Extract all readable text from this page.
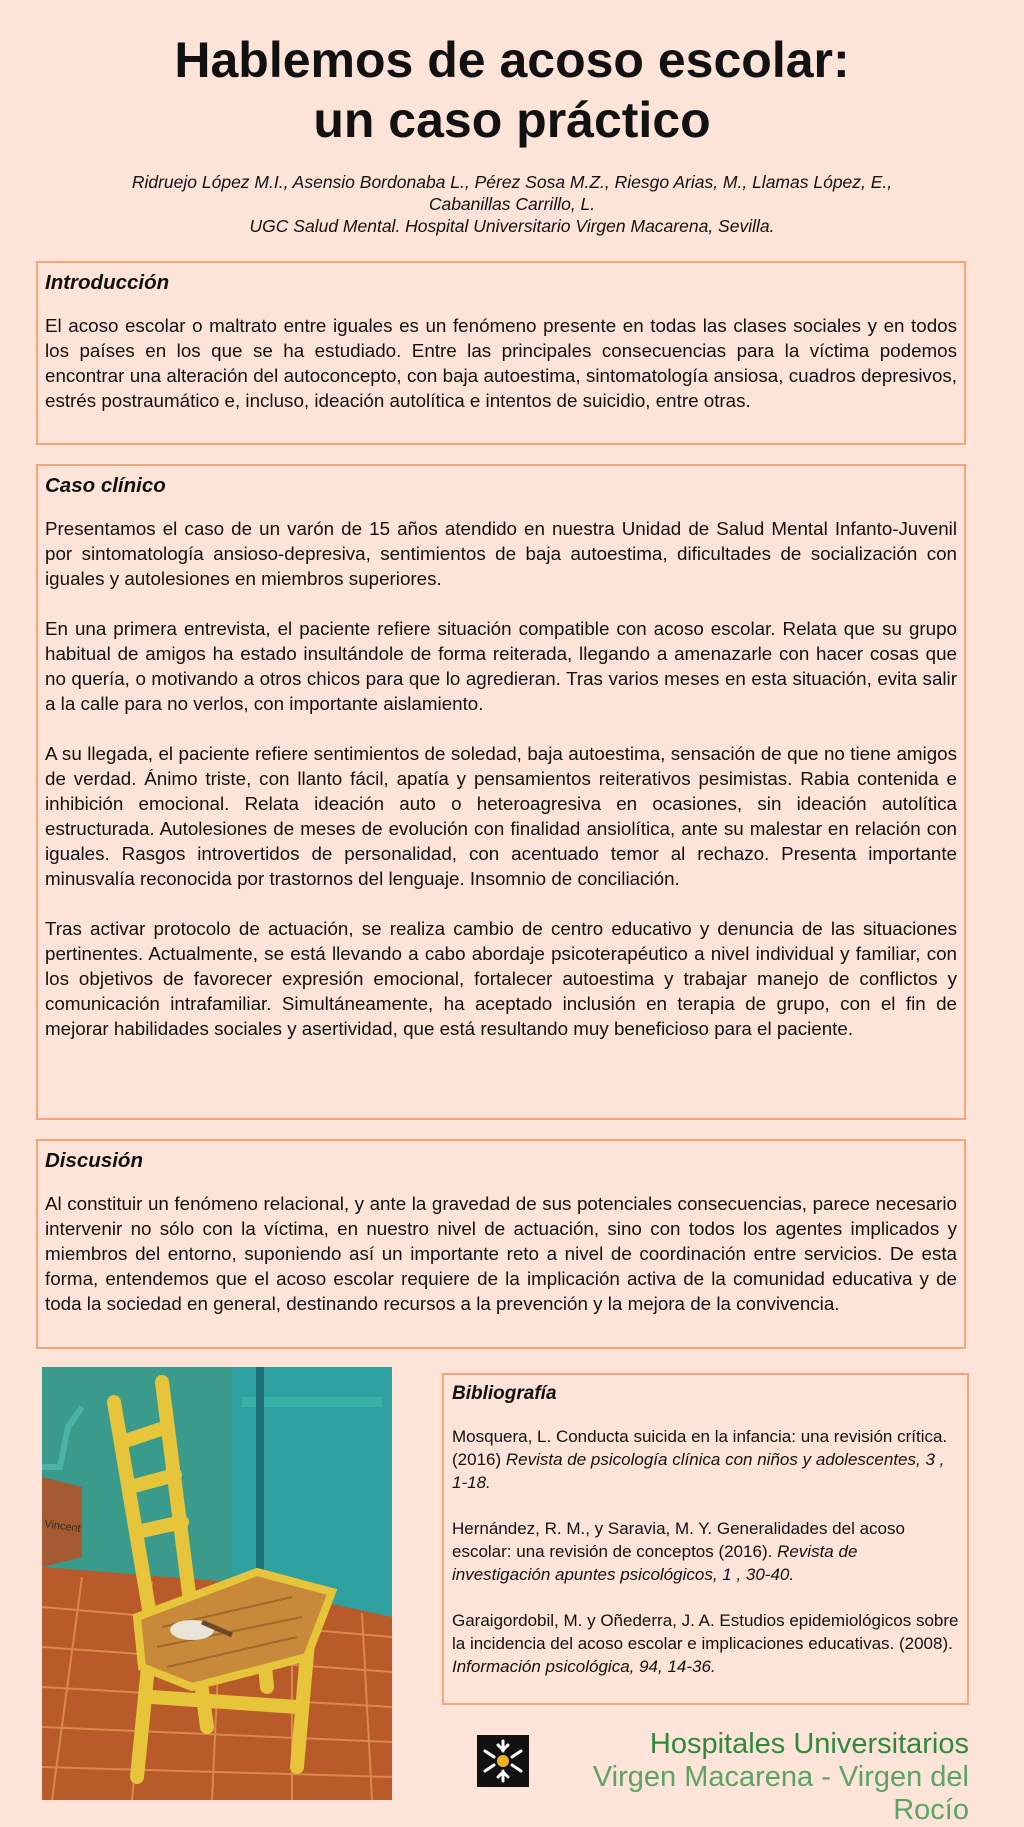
Hablemos de acoso escolar:
un caso práctico
Ridruejo López M.I., Asensio Bordonaba L., Pérez Sosa M.Z., Riesgo Arias, M., Llamas López, E.,
Cabanillas Carrillo, L.
UGC Salud Mental. Hospital Universitario Virgen Macarena, Sevilla.
Introducción

El acoso escolar o maltrato entre iguales es un fenómeno presente en todas las clases sociales y en todos los países en los que se ha estudiado. Entre las principales consecuencias para la víctima podemos encontrar una alteración del autoconcepto, con baja autoestima, sintomatología ansiosa, cuadros depresivos, estrés postraumático e, incluso, ideación autolítica e intentos de suicidio, entre otras.

Caso clínico

Presentamos el caso de un varón de 15 años atendido en nuestra Unidad de Salud Mental Infanto-Juvenil por sintomatología ansioso-depresiva, sentimientos de baja autoestima, dificultades de socialización con iguales y autolesiones en miembros superiores.

En una primera entrevista, el paciente refiere situación compatible con acoso escolar. Relata que su grupo habitual de amigos ha estado insultándole de forma reiterada, llegando a amenazarle con hacer cosas que no quería, o motivando a otros chicos para que lo agredieran. Tras varios meses en esta situación, evita salir a la calle para no verlos, con importante aislamiento.

A su llegada, el paciente refiere sentimientos de soledad, baja autoestima, sensación de que no tiene amigos de verdad. Ánimo triste, con llanto fácil, apatía y pensamientos reiterativos pesimistas. Rabia contenida e inhibición emocional. Relata ideación auto o heteroagresiva en ocasiones, sin ideación autolítica estructurada. Autolesiones de meses de evolución con finalidad ansiolítica, ante su malestar en relación con iguales. Rasgos introvertidos de personalidad, con acentuado temor al rechazo. Presenta importante minusvalía reconocida por trastornos del lenguaje. Insomnio de conciliación.

Tras activar protocolo de actuación, se realiza cambio de centro educativo y denuncia de las situaciones pertinentes. Actualmente, se está llevando a cabo abordaje psicoterapéutico a nivel individual y familiar, con los objetivos de favorecer expresión emocional, fortalecer autoestima y trabajar manejo de conflictos y comunicación intrafamiliar. Simultáneamente, ha aceptado inclusión en terapia de grupo, con el fin de mejorar habilidades sociales y asertividad, que está resultando muy beneficioso para el paciente.

Discusión

Al constituir un fenómeno relacional, y ante la gravedad de sus potenciales consecuencias, parece necesario intervenir no sólo con la víctima, en nuestro nivel de actuación, sino con todos los agentes implicados y miembros del entorno, suponiendo así un importante reto a nivel de coordinación entre servicios. De esta forma, entendemos que el acoso escolar requiere de la implicación activa de la comunidad educativa y de toda la sociedad en general, destinando recursos a la prevención y la mejora de la convivencia.

Vincent
Bibliografía

Mosquera, L. Conducta suicida en la infancia: una revisión crítica. (2016) Revista de psicología clínica con niños y adolescentes, 3 , 1-18.

Hernández, R. M., y Saravia, M. Y. Generalidades del acoso escolar: una revisión de conceptos (2016). Revista de investigación apuntes psicológicos, 1 , 30-40.

Garaigordobil, M. y Oñederra, J. A. Estudios epidemiológicos sobre la incidencia del acoso escolar e implicaciones educativas. (2008). Información psicológica, 94, 14-36.

Hospitales Universitarios
Virgen Macarena - Virgen del Rocío
